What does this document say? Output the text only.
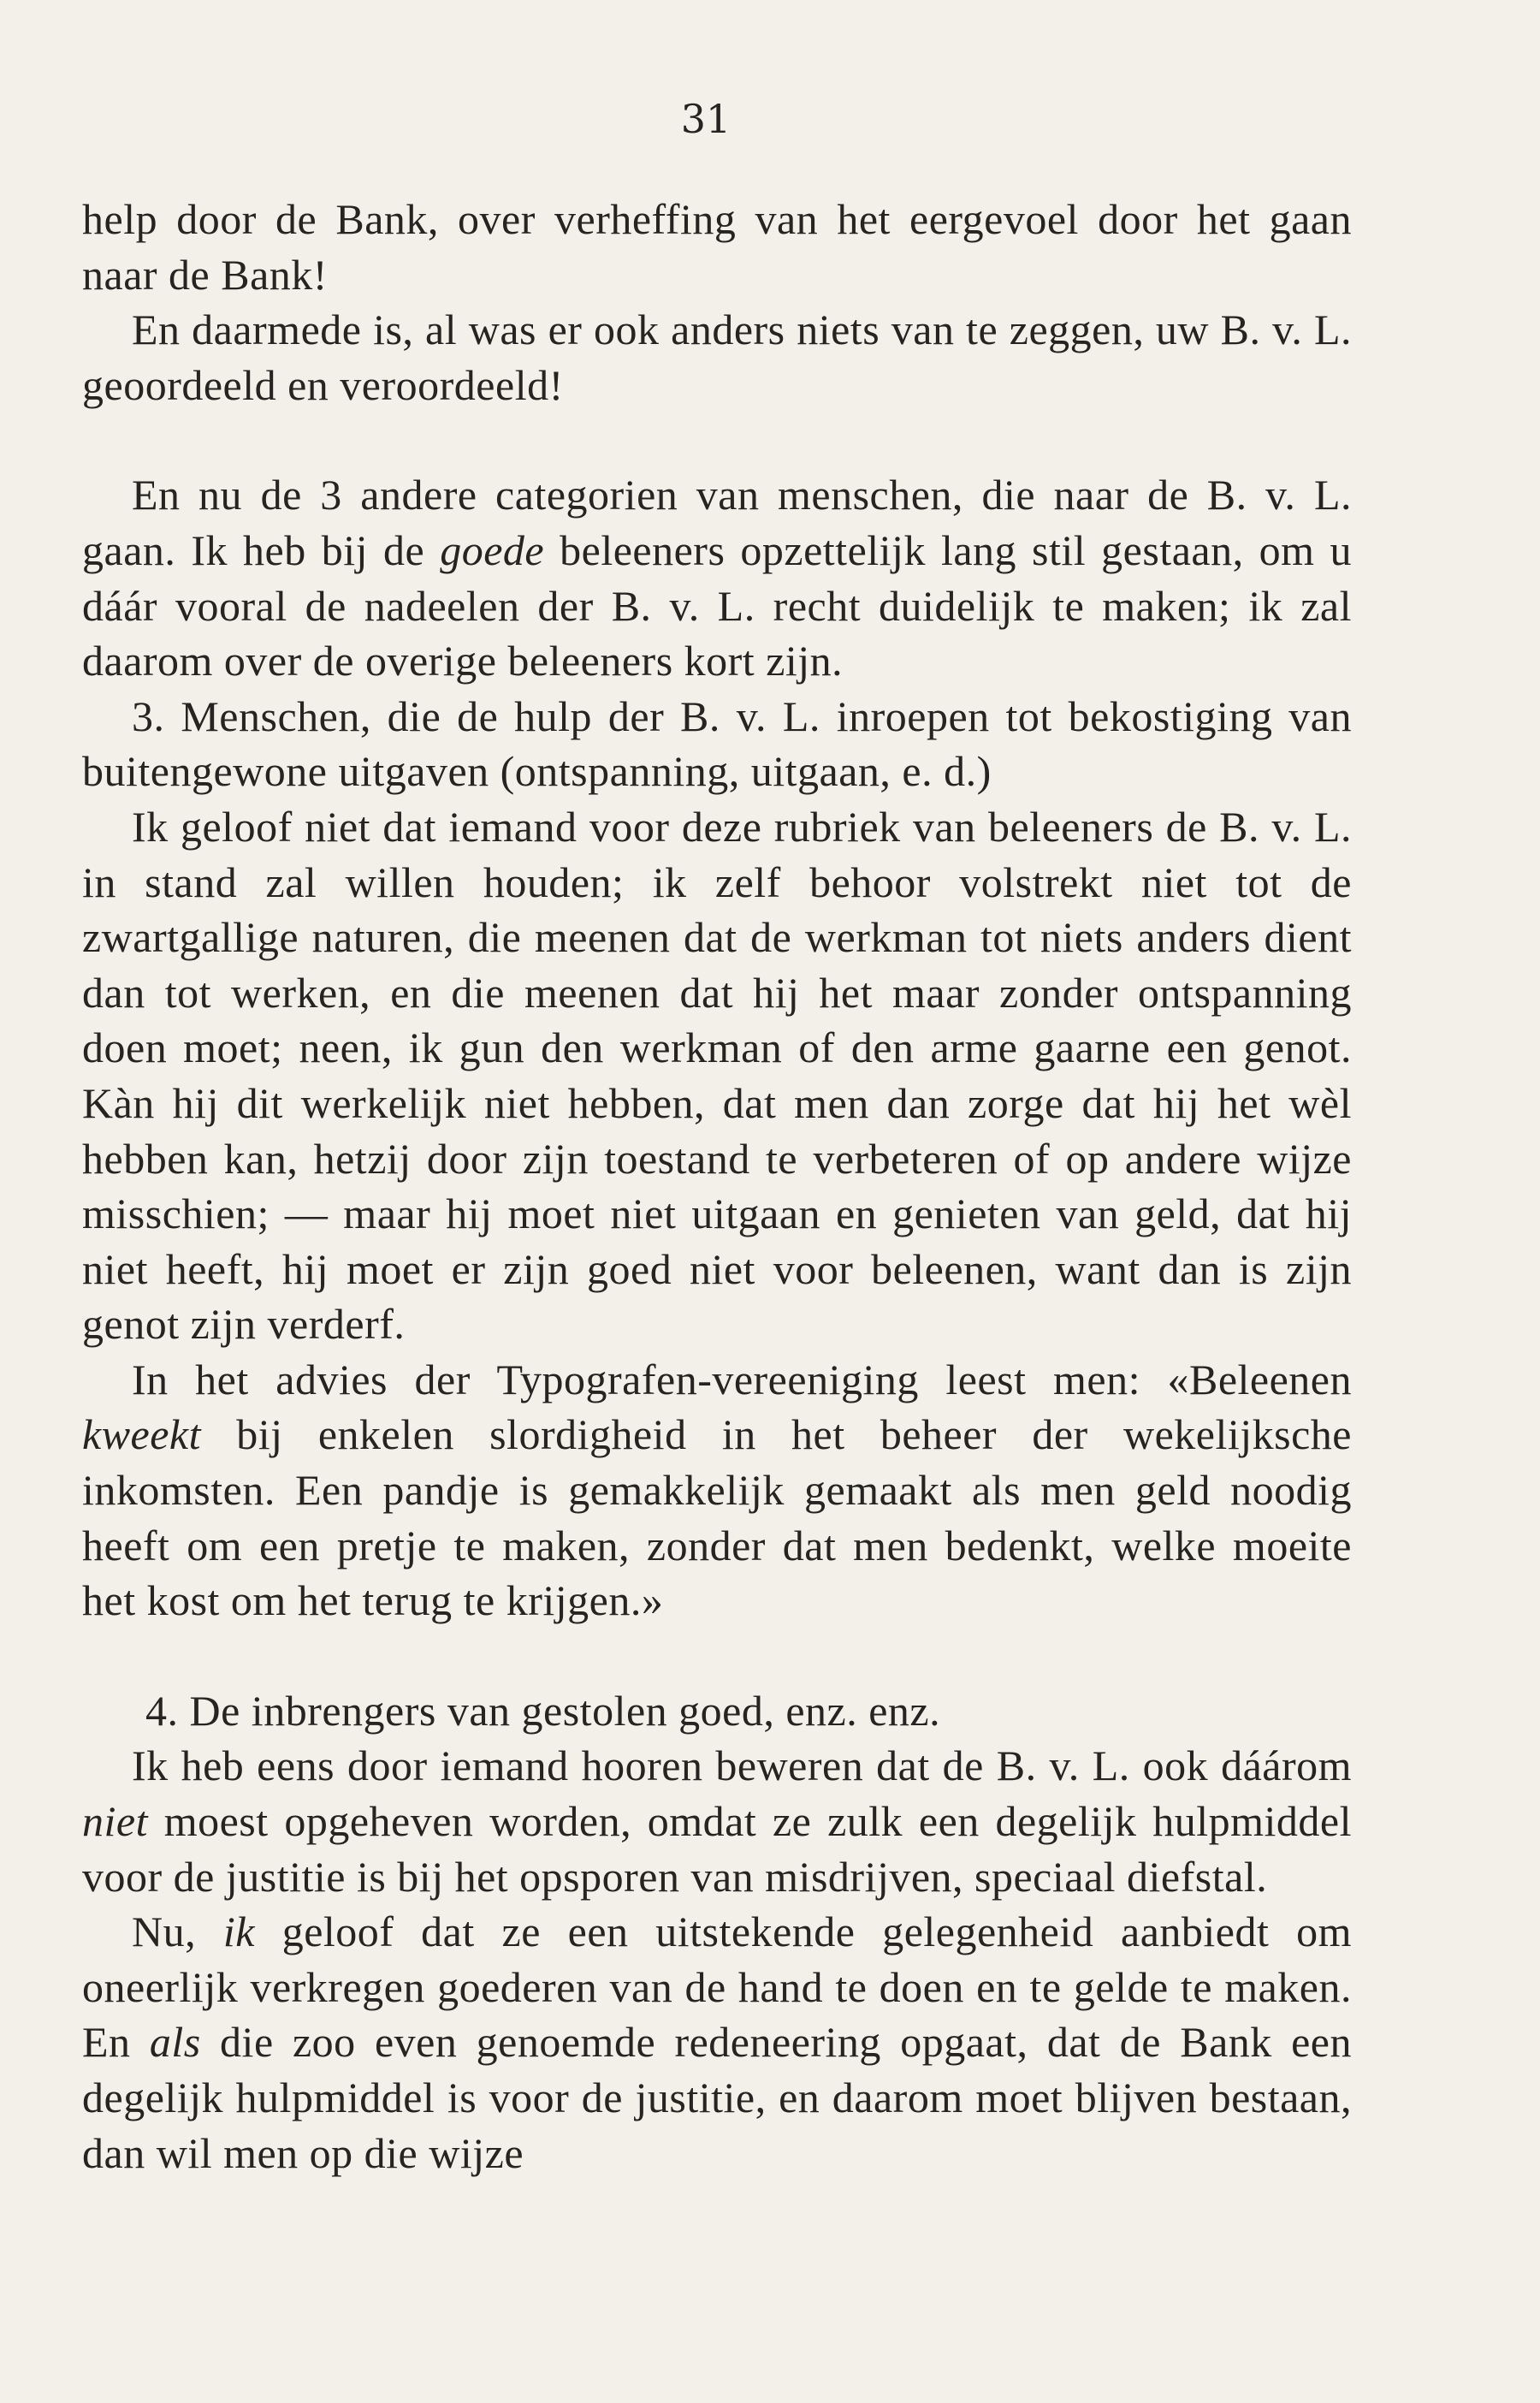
31

help door de Bank, over verheffing van het eergevoel door het gaan naar de Bank!

En daarmede is, al was er ook anders niets van te zeggen, uw B. v. L. geoordeeld en veroordeeld!

En nu de 3 andere categorien van menschen, die naar de B. v. L. gaan. Ik heb bij de goede beleeners opzettelijk lang stil gestaan, om u dáár vooral de nadeelen der B. v. L. recht duidelijk te maken; ik zal daarom over de overige beleeners kort zijn.

3. Menschen, die de hulp der B. v. L. inroepen tot bekostiging van buitengewone uitgaven (ontspanning, uitgaan, e. d.)

Ik geloof niet dat iemand voor deze rubriek van beleeners de B. v. L. in stand zal willen houden; ik zelf behoor volstrekt niet tot de zwartgallige naturen, die meenen dat de werkman tot niets anders dient dan tot werken, en die meenen dat hij het maar zonder ontspanning doen moet; neen, ik gun den werkman of den arme gaarne een genot. Kàn hij dit werkelijk niet hebben, dat men dan zorge dat hij het wèl hebben kan, hetzij door zijn toestand te verbeteren of op andere wijze misschien; — maar hij moet niet uitgaan en genieten van geld, dat hij niet heeft, hij moet er zijn goed niet voor beleenen, want dan is zijn genot zijn verderf.

In het advies der Typografen-vereeniging leest men: «Beleenen kweekt bij enkelen slordigheid in het beheer der wekelijksche inkomsten. Een pandje is gemakkelijk gemaakt als men geld noodig heeft om een pretje te maken, zonder dat men bedenkt, welke moeite het kost om het terug te krijgen.»

4. De inbrengers van gestolen goed, enz. enz.

Ik heb eens door iemand hooren beweren dat de B. v. L. ook dáárom niet moest opgeheven worden, omdat ze zulk een degelijk hulpmiddel voor de justitie is bij het opsporen van misdrijven, speciaal diefstal.

Nu, ik geloof dat ze een uitstekende gelegenheid aanbiedt om oneerlijk verkregen goederen van de hand te doen en te gelde te maken. En als die zoo even genoemde redeneering opgaat, dat de Bank een degelijk hulpmiddel is voor de justitie, en daarom moet blijven bestaan, dan wil men op die wijze
